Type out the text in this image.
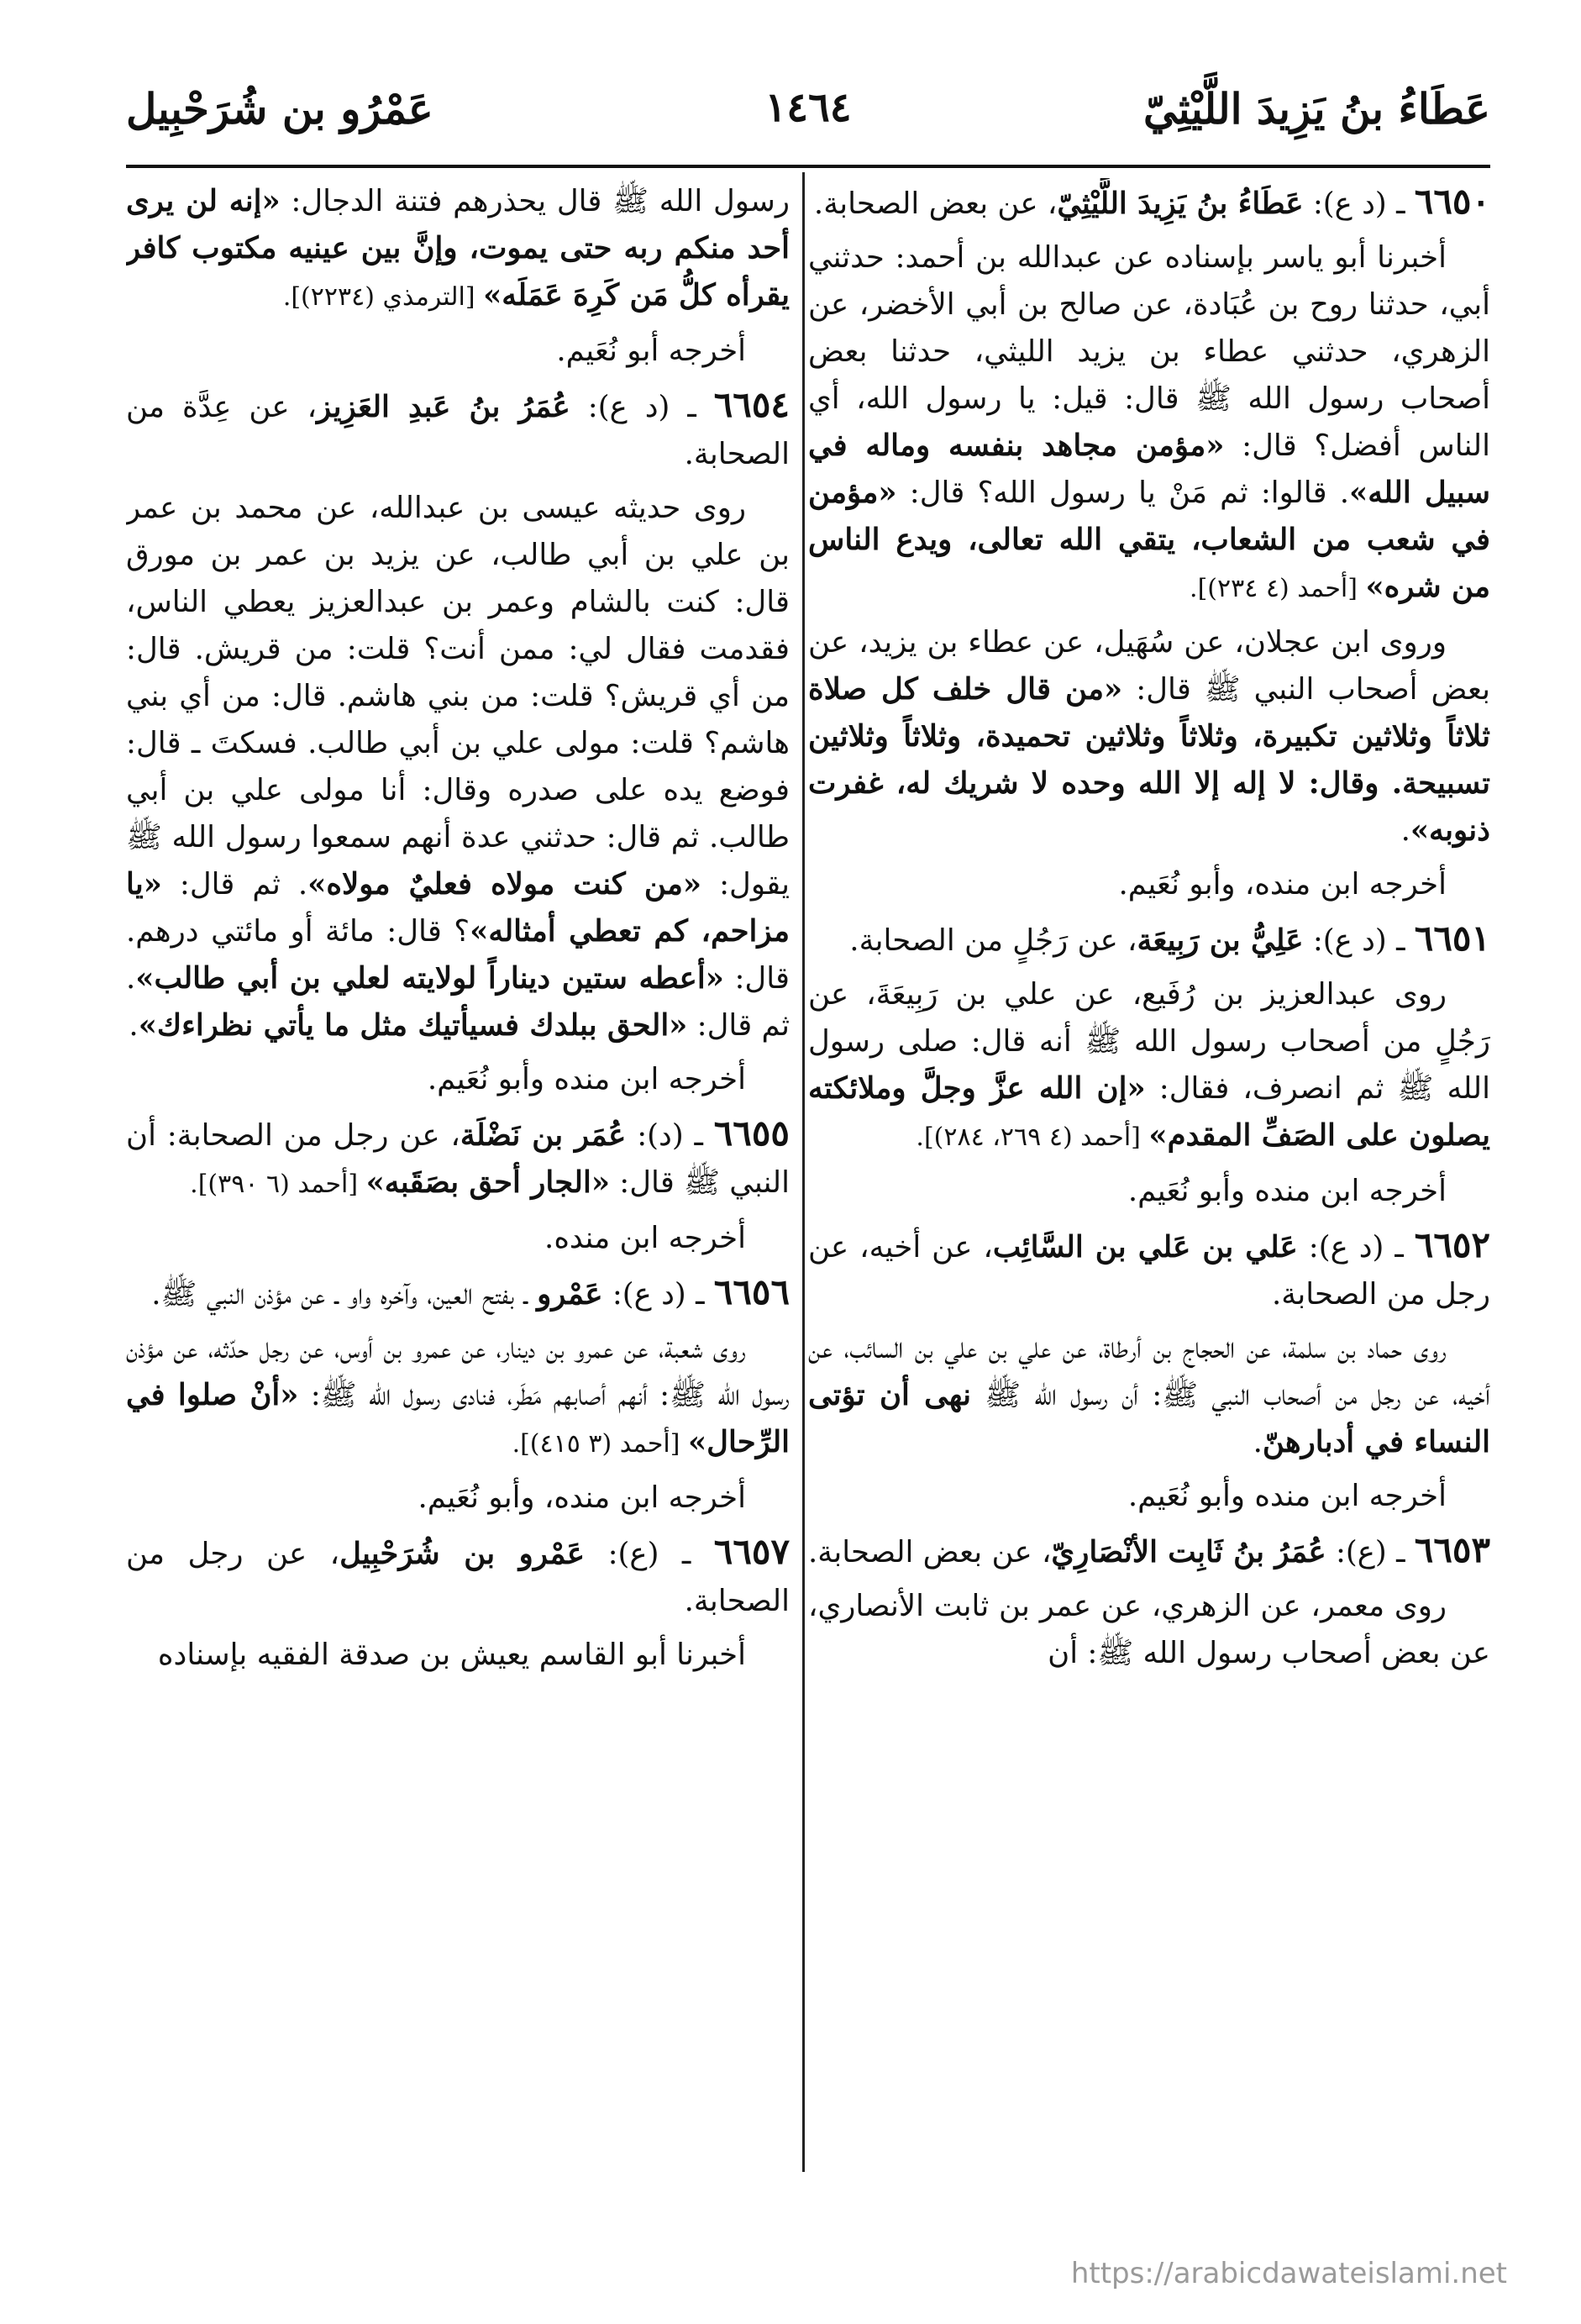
عَطَاءُ بنُ يَزِيدَ اللَّيْثِيّ
١٤٦٤
عَمْرُو بن شُرَحْبِيل

٦٦٥٠ ـ (د ع): عَطَاءُ بنُ يَزِيدَ اللَّيْثِيّ، عن بعض الصحابة.

أخبرنا أبو ياسر بإسناده عن عبدالله بن أحمد: حدثني أبي، حدثنا روح بن عُبَادة، عن صالح بن أبي الأخضر، عن الزهري، حدثني عطاء بن يزيد الليثي، حدثنا بعض أصحاب رسول الله ﷺ قال: قيل: يا رسول الله، أي الناس أفضل؟ قال: «مؤمن مجاهد بنفسه وماله في سبيل الله». قالوا: ثم مَنْ يا رسول الله؟ قال: «مؤمن في شعب من الشعاب، يتقي الله تعالى، ويدع الناس من شره» [أحمد (٤ ٢٣٤)].

وروى ابن عجلان، عن سُهَيل، عن عطاء بن يزيد، عن بعض أصحاب النبي ﷺ قال: «من قال خلف كل صلاة ثلاثاً وثلاثين تكبيرة، وثلاثاً وثلاثين تحميدة، وثلاثاً وثلاثين تسبيحة. وقال: لا إله إلا الله وحده لا شريك له، غفرت ذنوبه».

أخرجه ابن منده، وأبو نُعَيم.

٦٦٥١ ـ (د ع): عَلِيُّ بن رَبِيعَة، عن رَجُلٍ من الصحابة.

روى عبدالعزيز بن رُفَيع، عن علي بن رَبِيعَةَ، عن رَجُلٍ من أصحاب رسول الله ﷺ أنه قال: صلى رسول الله ﷺ ثم انصرف، فقال: «إن الله عزَّ وجلَّ وملائكته يصلون على الصَفِّ المقدم» [أحمد (٤ ٢٦٩، ٢٨٤)].

أخرجه ابن منده وأبو نُعَيم.

٦٦٥٢ ـ (د ع): عَلي بن عَلي بن السَّائِب، عن أخيه، عن رجل من الصحابة.

روى حماد بن سلمة، عن الحجاج بن أرطاة، عن علي بن علي بن السائب، عن أخيه، عن رجل من أصحاب النبي ﷺ: أن رسول الله ﷺ نهى أن تؤتى النساء في أدبارهنّ.

أخرجه ابن منده وأبو نُعَيم.

٦٦٥٣ ـ (ع): عُمَرُ بنُ ثَابِت الأنْصَارِيّ، عن بعض الصحابة.

روى معمر، عن الزهري، عن عمر بن ثابت الأنصاري، عن بعض أصحاب رسول الله ﷺ: أن

رسول الله ﷺ قال يحذرهم فتنة الدجال: «إنه لن يرى أحد منكم ربه حتى يموت، وإنَّ بين عينيه مكتوب كافر يقرأه كلُّ مَن كَرِهَ عَمَلَه» [الترمذي (٢٢٣٤)].

أخرجه أبو نُعَيم.

٦٦٥٤ ـ (د ع): عُمَرُ بنُ عَبدِ العَزِيز، عن عِدَّة من الصحابة.

روى حديثه عيسى بن عبدالله، عن محمد بن عمر بن علي بن أبي طالب، عن يزيد بن عمر بن مورق قال: كنت بالشام وعمر بن عبدالعزيز يعطي الناس، فقدمت فقال لي: ممن أنت؟ قلت: من قريش. قال: من أي قريش؟ قلت: من بني هاشم. قال: من أي بني هاشم؟ قلت: مولى علي بن أبي طالب. فسكتَ ـ قال: فوضع يده على صدره وقال: أنا مولى علي بن أبي طالب. ثم قال: حدثني عدة أنهم سمعوا رسول الله ﷺ يقول: «من كنت مولاه فعليٌ مولاه». ثم قال: «يا مزاحم، كم تعطي أمثاله»؟ قال: مائة أو مائتي درهم. قال: «أعطه ستين ديناراً لولايته لعلي بن أبي طالب». ثم قال: «الحق ببلدك فسيأتيك مثل ما يأتي نظراءك».

أخرجه ابن منده وأبو نُعَيم.

٦٦٥٥ ـ (د): عُمَر بن نَضْلَة، عن رجل من الصحابة: أن النبي ﷺ قال: «الجار أحق بصَقَبه» [أحمد (٦ ٣٩٠)].

أخرجه ابن منده.

٦٦٥٦ ـ (د ع): عَمْرو ـ بفتح العين، وآخره واو ـ عن مؤذن النبي ﷺ.

روى شعبة، عن عمرو بن دينار، عن عمرو بن أوس، عن رجل حدّثه، عن مؤذن رسول الله ﷺ: أنهم أصابهم مَطَر، فنادى رسول الله ﷺ: «أنْ صلوا في الرِّحال» [أحمد (٣ ٤١٥)].

أخرجه ابن منده، وأبو نُعَيم.

٦٦٥٧ ـ (ع): عَمْرو بن شُرَحْبِيل، عن رجل من الصحابة.

أخبرنا أبو القاسم يعيش بن صدقة الفقيه بإسناده

https://arabicdawateislami.net
